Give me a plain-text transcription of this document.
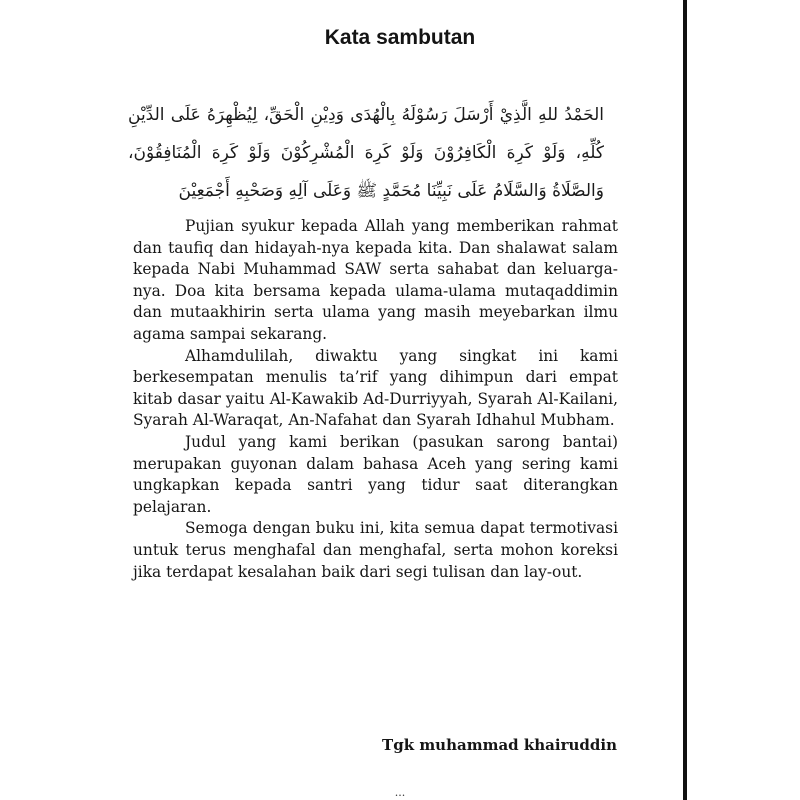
Kata sambutan

الحَمْدُ للهِ الَّذِيْ أَرْسَلَ رَسُوْلَهُ بِالْهُدَى وَدِيْنِ الْحَقِّ، لِيُظْهِرَهُ عَلَى الدِّيْنِ كُلِّهِ، وَلَوْ كَرِهَ الْكَافِرُوْنَ وَلَوْ كَرِهَ الْمُشْرِكُوْنَ وَلَوْ كَرِهَ الْمُنَافِقُوْنَ، وَالصَّلَاةُ وَالسَّلَامُ عَلَى نَبِيِّنَا مُحَمَّدٍ ﷺ وَعَلَى آلِهِ وَصَحْبِهِ أَجْمَعِيْنَ

Pujian syukur kepada Allah yang memberikan rahmat dan taufiq dan hidayah-nya kepada kita. Dan shalawat salam kepada Nabi Muhammad SAW serta sahabat dan keluarga-nya. Doa kita bersama kepada ulama-ulama mutaqaddimin dan mutaakhirin serta ulama yang masih meyebarkan ilmu agama sampai sekarang.

Alhamdulilah, diwaktu yang singkat ini kami berkesempatan menulis ta’rif yang dihimpun dari empat kitab dasar yaitu Al-Kawakib Ad-Durriyyah, Syarah Al-Kailani, Syarah Al-Waraqat, An-Nafahat dan Syarah Idhahul Mubham.

Judul yang kami berikan (pasukan sarong bantai) merupakan guyonan dalam bahasa Aceh yang sering kami ungkapkan kepada santri yang tidur saat diterangkan pelajaran.

Semoga dengan buku ini, kita semua dapat termotivasi untuk terus menghafal dan menghafal, serta mohon koreksi jika terdapat kesalahan baik dari segi tulisan dan lay-out.

Tgk muhammad khairuddin

...
